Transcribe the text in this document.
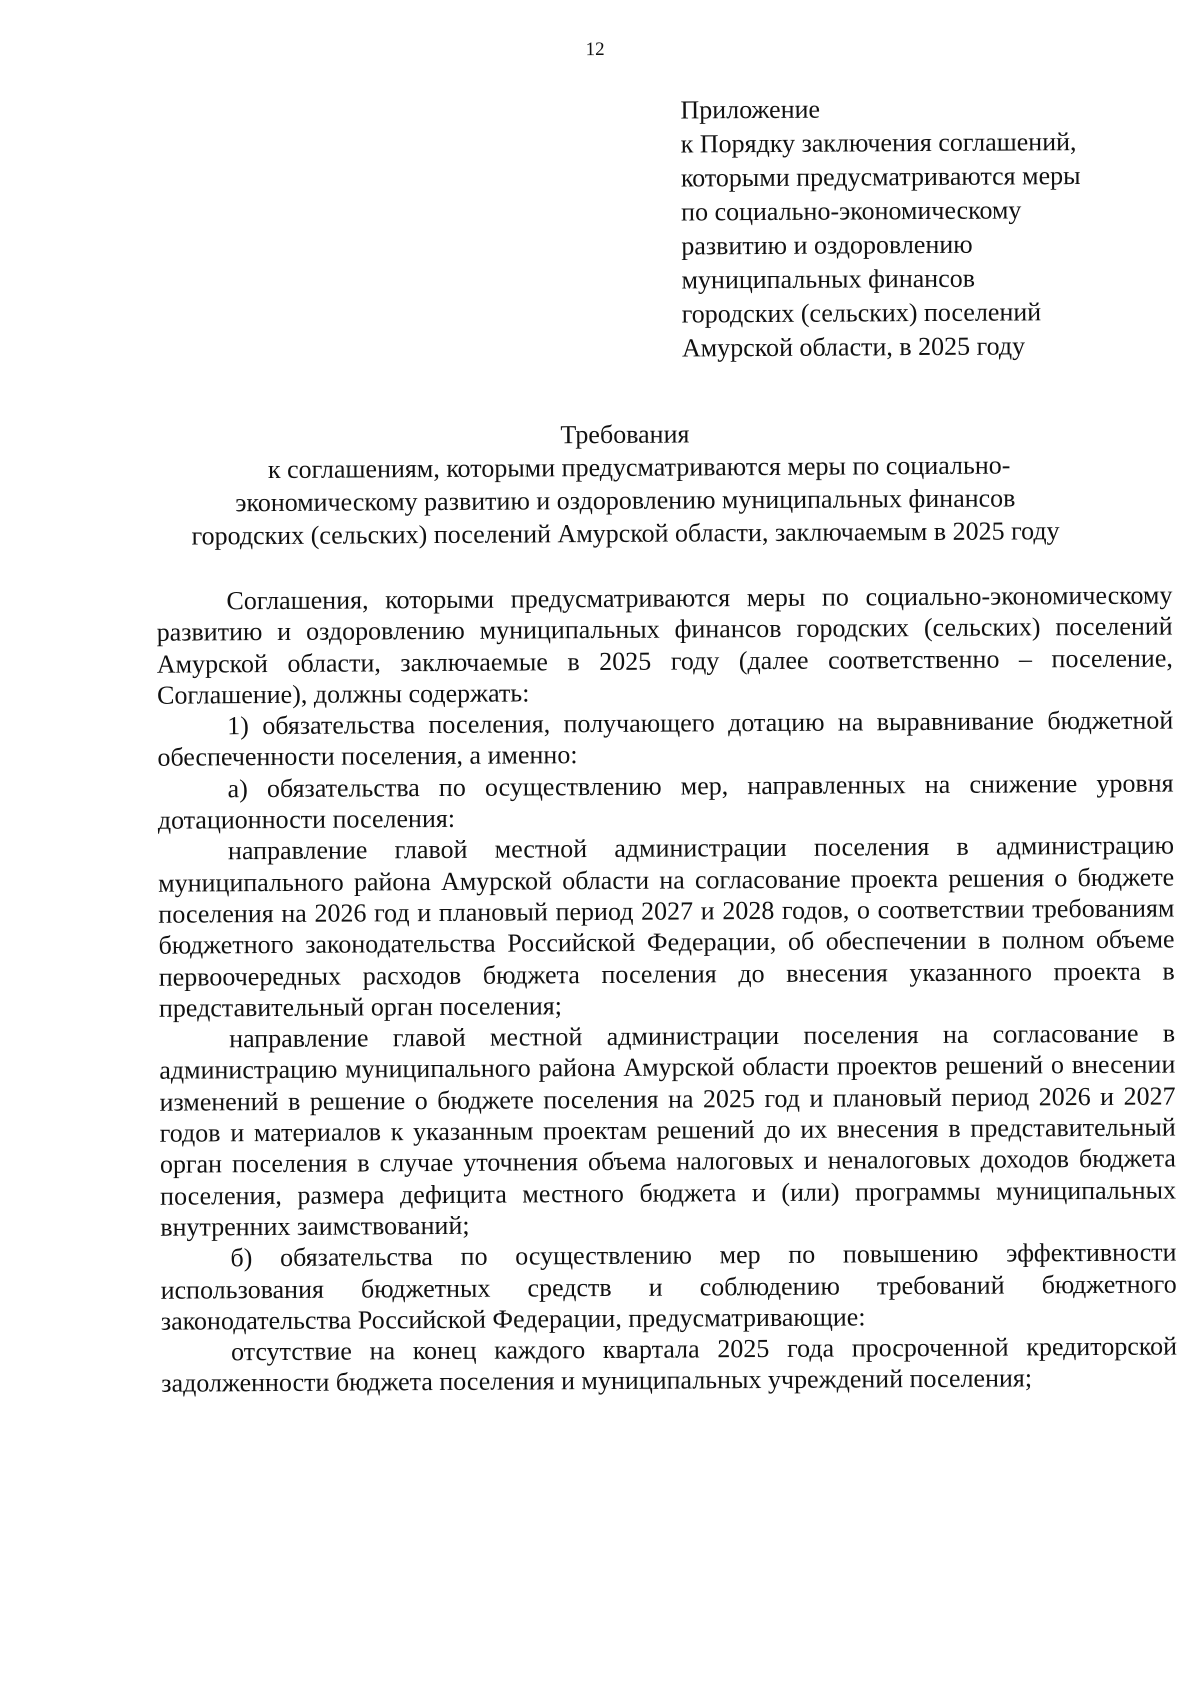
12
Приложение
к Порядку заключения соглашений,
которыми предусматриваются меры
по социально-экономическому
развитию и оздоровлению
муниципальных финансов
городских (сельских) поселений
Амурской области, в 2025 году
Требования
к соглашениям, которыми предусматриваются меры по социально-
экономическому развитию и оздоровлению муниципальных финансов
городских (сельских) поселений Амурской области, заключаемым в 2025 году

Соглашения, которыми предусматриваются меры по социально-экономическому развитию и оздоровлению муниципальных финансов городских (сельских) поселений Амурской области, заключаемые в 2025 году (далее соответственно – поселение, Соглашение), должны содержать:

1) обязательства поселения, получающего дотацию на выравнивание бюджетной обеспеченности поселения, а именно:

а) обязательства по осуществлению мер, направленных на снижение уровня дотационности поселения:

направление главой местной администрации поселения в администрацию муниципального района Амурской области на согласование проекта решения о бюджете поселения на 2026 год и плановый период 2027 и 2028 годов, о соответствии требованиям бюджетного законодательства Российской Федерации, об обеспечении в полном объеме первоочередных расходов бюджета поселения до внесения указанного проекта в представительный орган поселения;

направление главой местной администрации поселения на согласование в администрацию муниципального района Амурской области проектов решений о внесении изменений в решение о бюджете поселения на 2025 год и плановый период 2026 и 2027 годов и материалов к указанным проектам решений до их внесения в представительный орган поселения в случае уточнения объема налоговых и неналоговых доходов бюджета поселения, размера дефицита местного бюджета и (или) программы муниципальных внутренних заимствований;

б) обязательства по осуществлению мер по повышению эффективности использования бюджетных средств и соблюдению требований бюджетного законодательства Российской Федерации, предусматривающие:

отсутствие на конец каждого квартала 2025 года просроченной кредиторской задолженности бюджета поселения и муниципальных учреждений поселения;
